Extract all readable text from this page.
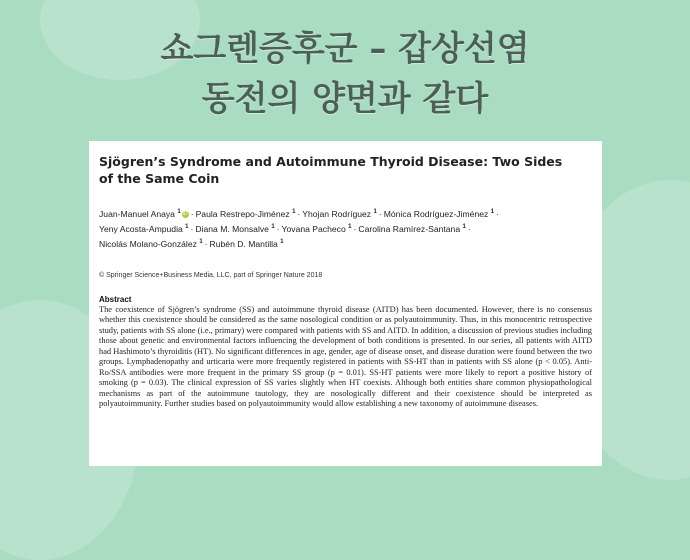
쇼그렌증후군 – 갑상선염
동전의 양면과 같다
Sjögren’s Syndrome and Autoimmune Thyroid Disease: Two Sides
of the Same Coin
Juan-Manuel Anaya $^1$ iD · Paula Restrepo-Jiménez $^1$ · Yhojan Rodríguez $^1$ · Mónica Rodríguez-Jiménez $^1$ ·
Yeny Acosta-Ampudia $^1$ · Diana M. Monsalve $^1$ · Yovana Pacheco $^1$ · Carolina Ramírez-Santana $^1$ ·
Nicolás Molano-González $^1$ · Rubén D. Mantilla $^1$
© Springer Science+Business Media, LLC, part of Springer Nature 2018
Abstract
The coexistence of Sjögren’s syndrome (SS) and autoimmune thyroid disease (AITD) has been documented. However, there is no consensus whether this coexistence should be considered as the same nosological condition or as polyautoimmunity. Thus, in this monocentric retrospective study, patients with SS alone (i.e., primary) were compared with patients with SS and AITD. In addition, a discussion of previous studies including those about genetic and environmental factors influencing the development of both conditions is presented. In our series, all patients with AITD had Hashimoto’s thyroiditis (HT). No significant differences in age, gender, age of disease onset, and disease duration were found between the two groups. Lymphadenopathy and urticaria were more frequently registered in patients with SS-HT than in patients with SS alone (p < 0.05). Anti-Ro/SSA antibodies were more frequent in the primary SS group (p = 0.01). SS-HT patients were more likely to report a positive history of smoking (p = 0.03). The clinical expression of SS varies slightly when HT coexists. Although both entities share common physiopathological mechanisms as part of the autoimmune tautology, they are nosologically different and their coexistence should be interpreted as polyautoimmunity. Further studies based on polyautoimmunity would allow establishing a new taxonomy of autoimmune diseases.
